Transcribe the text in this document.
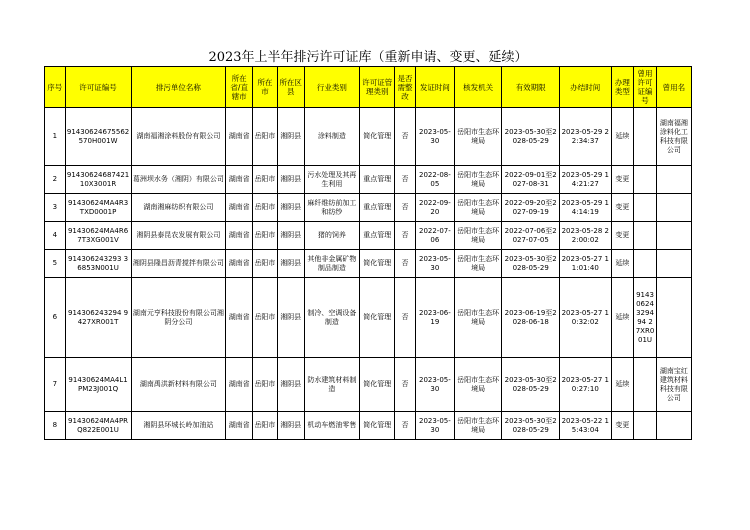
2023年上半年排污许可证库（重新申请、变更、延续）
序号	许可证编号	排污单位名称	所在省/直辖市	所在市	所在区县	行业类别	许可证管理类别	是否需整改	发证时间	核发机关	有效期限	办结时间	办理类型	曾用许可证编号	曾用名

1	91430624675562570H001W	湖南福湘涂料股份有限公司	湖南省	岳阳市	湘阴县	涂料制造	简化管理	否	2023-05-30	岳阳市生态环境局	2023-05-30至2028-05-29	2023-05-29 22:34:37	延续		湖南福湘涂料化工科技有限公司

2	91430624687421 10X3001R	葛洲坝水务（湘阴）有限公司	湖南省	岳阳市	湘阴县	污水处理及其再生利用	重点管理	否	2022-08-05	岳阳市生态环境局	2022-09-01至2027-08-31	2023-05-29 14:21:27	变更		

3	91430624MA4R3TXD0001P	湖南湘麻纺织有限公司	湖南省	岳阳市	湘阴县	麻纤维纺前加工和纺纱	重点管理	否	2022-09-20	岳阳市生态环境局	2022-09-20至2027-09-19	2023-05-29 14:14:19	变更		

4	91430624MA4R67T3XG001V	湘阴县泰昆农发展有限公司	湖南省	岳阳市	湘阴县	猪的饲养	重点管理	否	2022-07-06	岳阳市生态环境局	2022-07-06至2027-07-05	2023-05-28 22:00:02	变更		

5	914306243293 36853N001U	湘阴县隆昌沥青搅拌有限公司	湖南省	岳阳市	湘阴县	其他非金属矿物制品制造	简化管理	否	2023-05-30	岳阳市生态环境局	2023-05-30至2028-05-29	2023-05-27 11:01:40	延续		

6	914306243294 9427XR001T	湖南元亨科技股份有限公司湘阴分公司	湖南省	岳阳市	湘阴县	制冷、空调设备制造	简化管理	否	2023-06-19	岳阳市生态环境局	2023-06-19至2028-06-18	2023-05-27 10:32:02	延续	91430624329494 27XR001U	

7	91430624MA4L1PM23J001Q	湖南禹洪新材料有限公司	湖南省	岳阳市	湘阴县	防水建筑材料制造	简化管理	否	2023-05-30	岳阳市生态环境局	2023-05-30至2028-05-29	2023-05-27 10:27:10	延续		湖南宝红建筑材料科技有限公司

8	91430624MA4PRQ822E001U	湘阴县环城长岭加油站	湖南省	岳阳市	湘阴县	机动车燃油零售	简化管理	否	2023-05-30	岳阳市生态环境局	2023-05-30至2028-05-29	2023-05-22 15:43:04	变更		
